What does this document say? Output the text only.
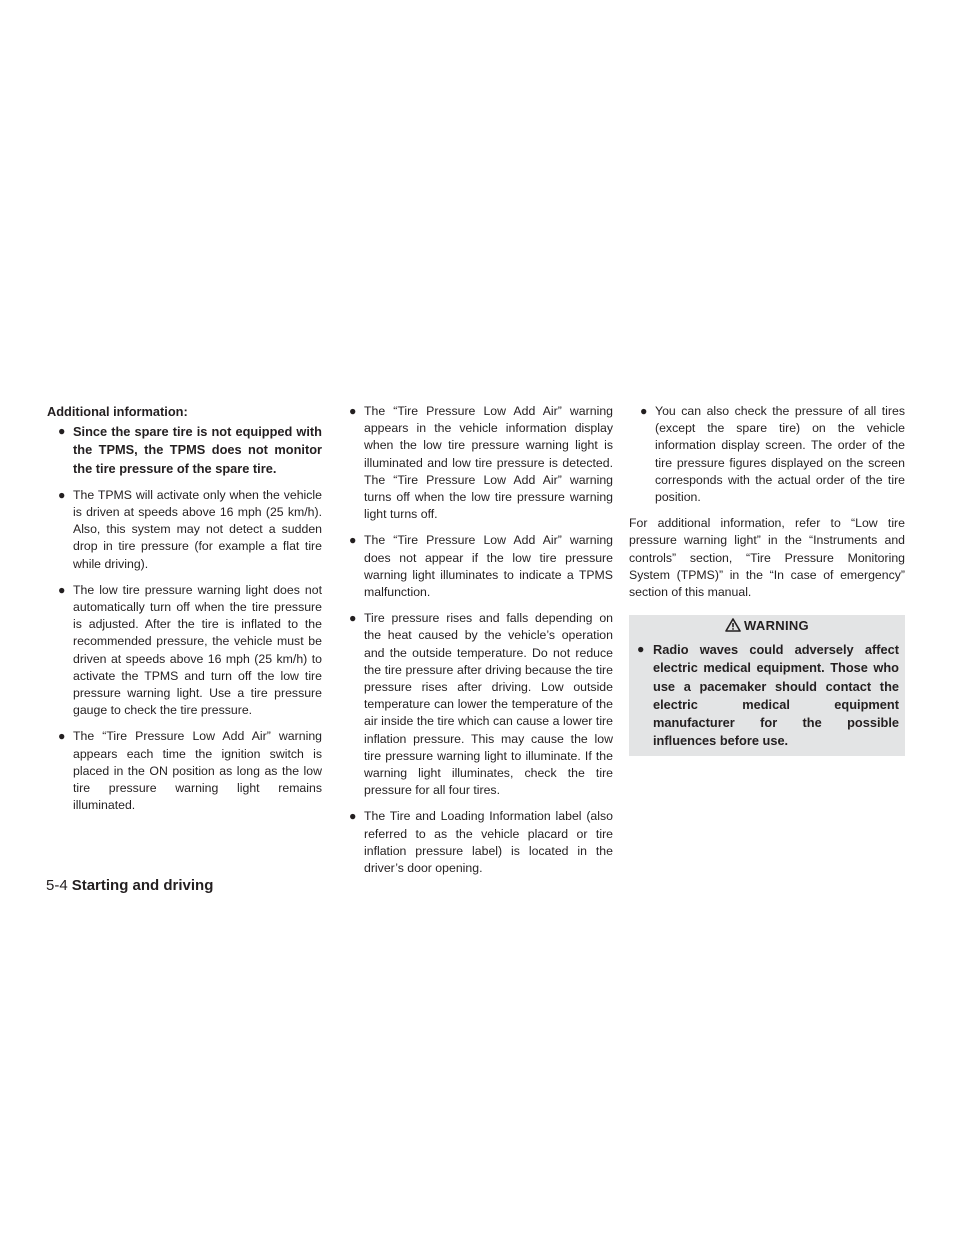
Additional information:
● Since the spare tire is not equipped with the TPMS, the TPMS does not monitor the tire pressure of the spare tire.
● The TPMS will activate only when the vehicle is driven at speeds above 16 mph (25 km/h). Also, this system may not detect a sudden drop in tire pressure (for example a flat tire while driving).
● The low tire pressure warning light does not automatically turn off when the tire pressure is adjusted. After the tire is inflated to the recommended pressure, the vehicle must be driven at speeds above 16 mph (25 km/h) to activate the TPMS and turn off the low tire pressure warning light. Use a tire pressure gauge to check the tire pressure.
● The “Tire Pressure Low Add Air” warning appears each time the ignition switch is placed in the ON position as long as the low tire pressure warning light remains illuminated.
● The “Tire Pressure Low Add Air” warning appears in the vehicle information display when the low tire pressure warning light is illuminated and low tire pressure is detected. The “Tire Pressure Low Add Air” warning turns off when the low tire pressure warning light turns off.
● The “Tire Pressure Low Add Air” warning does not appear if the low tire pressure warning light illuminates to indicate a TPMS malfunction.
● Tire pressure rises and falls depending on the heat caused by the vehicle’s operation and the outside temperature. Do not reduce the tire pressure after driving because the tire pressure rises after driving. Low outside temperature can lower the temperature of the air inside the tire which can cause a lower tire inflation pressure. This may cause the low tire pressure warning light to illuminate. If the warning light illuminates, check the tire pressure for all four tires.
● The Tire and Loading Information label (also referred to as the vehicle placard or tire inflation pressure label) is located in the driver’s door opening.
● You can also check the pressure of all tires (except the spare tire) on the vehicle information display screen. The order of the tire pressure figures displayed on the screen corresponds with the actual order of the tire position.
For additional information, refer to “Low tire pressure warning light” in the “Instruments and controls” section, “Tire Pressure Monitoring System (TPMS)” in the “In case of emergency” section of this manual.
WARNING
● Radio waves could adversely affect electric medical equipment. Those who use a pacemaker should contact the electric medical equipment manufacturer for the possible influences before use.
5-4 Starting and driving
